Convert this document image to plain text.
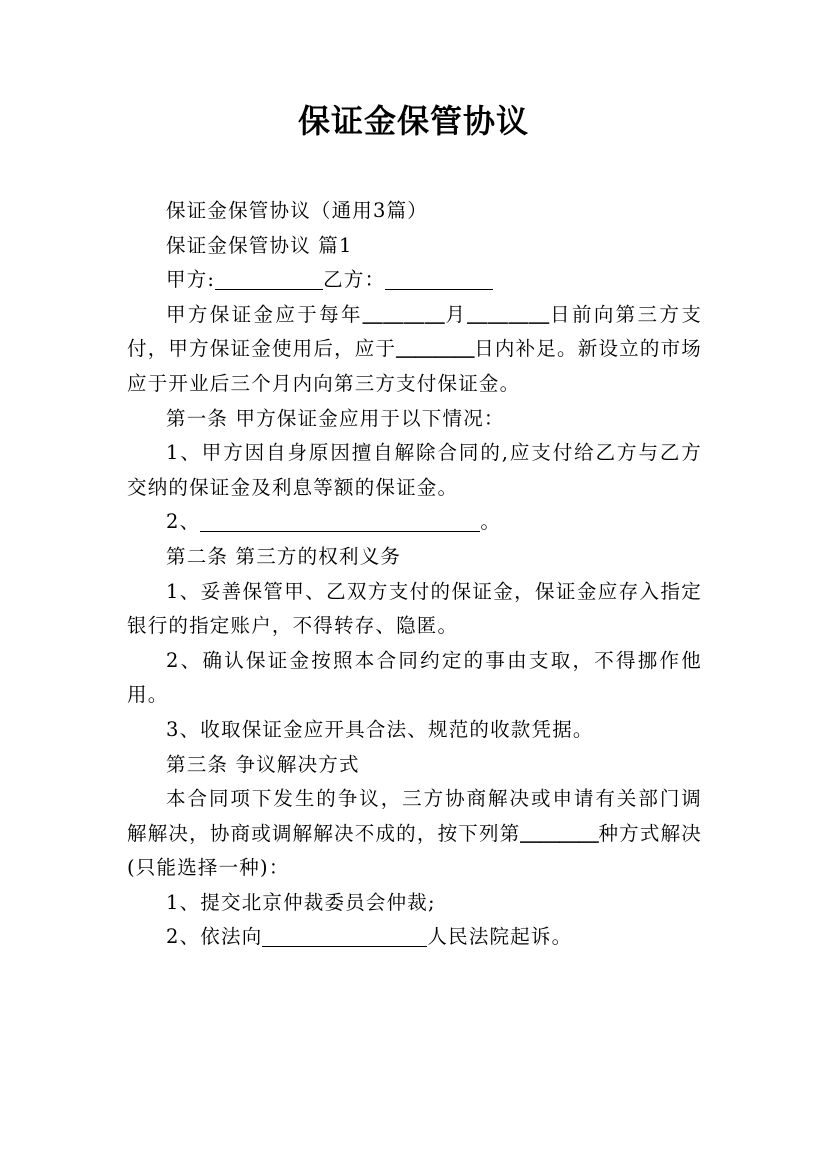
保证金保管协议

保证金保管协议（通用3篇）

保证金保管协议 篇1

甲方:	乙方：

甲方保证金应于每年＿＿＿＿月＿＿＿＿日前向第三方支付，甲方保证金使用后，应于＿＿＿＿日内补足。新设立的市场应于开业后三个月内向第三方支付保证金。

第一条 甲方保证金应用于以下情况：

1、甲方因自身原因擅自解除合同的,应支付给乙方与乙方交纳的保证金及利息等额的保证金。

2、	。

第二条 第三方的权利义务

1、妥善保管甲、乙双方支付的保证金，保证金应存入指定银行的指定账户，不得转存、隐匿。

2、确认保证金按照本合同约定的事由支取，不得挪作他用。

3、收取保证金应开具合法、规范的收款凭据。

第三条 争议解决方式

本合同项下发生的争议，三方协商解决或申请有关部门调解解决，协商或调解解决不成的，按下列第＿＿＿＿种方式解决(只能选择一种)：

1、提交北京仲裁委员会仲裁;

2、依法向	人民法院起诉。
